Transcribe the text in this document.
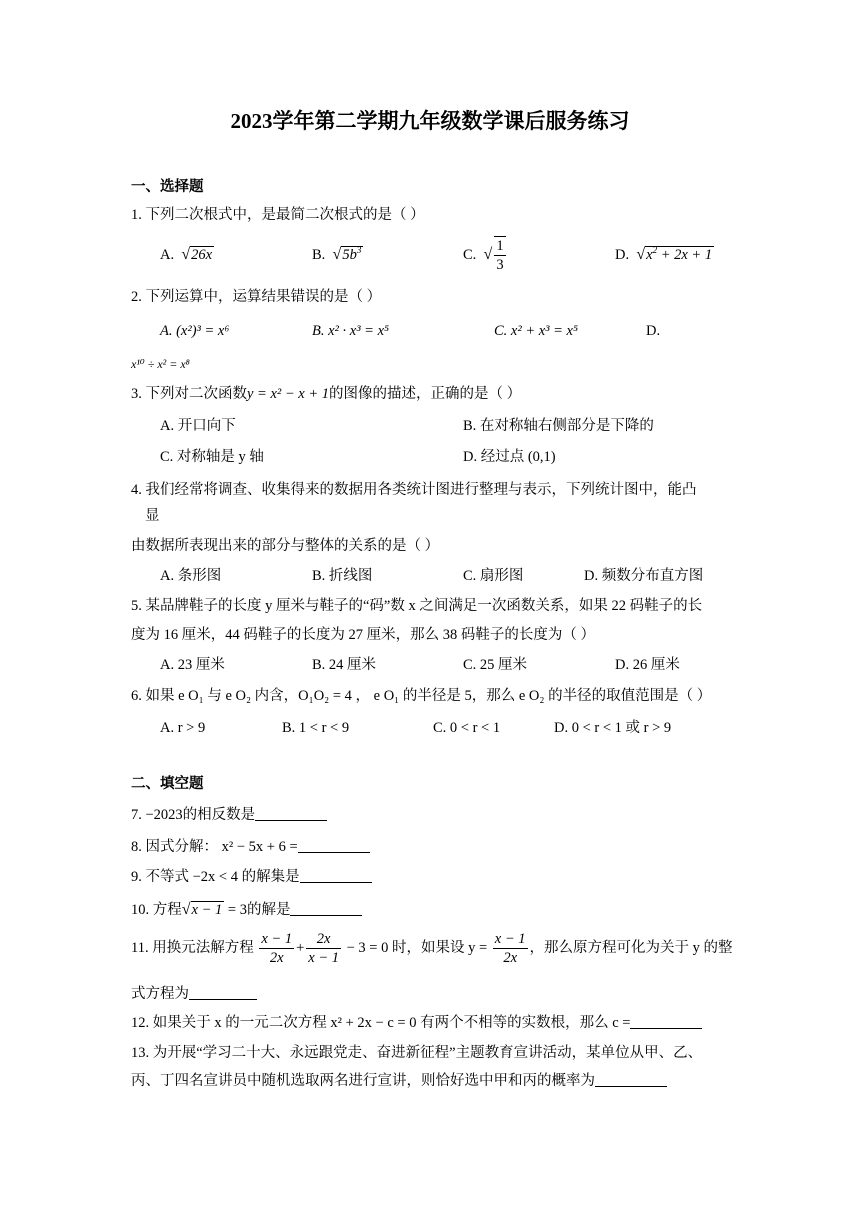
2023学年第二学期九年级数学课后服务练习
一、选择题
1. 下列二次根式中，是最简二次根式的是（ ）
A. √26x	B. $√5b^3$	C. √ $\frac{1}{3}$	D. $√x^2 + 2x + 1$
2. 下列运算中，运算结果错误的是（ ）
A. (x²)³ = x⁶	B. x² · x³ = x⁵	C. x² + x³ = x⁵	D.
x¹⁰ ÷ x² = x⁸
3. 下列对二次函数y = x² − x + 1的图像的描述，正确的是（ ）
A. 开口向下	B. 在对称轴右侧部分是下降的
C. 对称轴是 y 轴	D. 经过点 (0,1)
4. 我们经常将调查、收集得来的数据用各类统计图进行整理与表示，下列统计图中，能凸
显
由数据所表现出来的部分与整体的关系的是（ ）
A. 条形图	B. 折线图	C. 扇形图	D. 频数分布直方图
5. 某品牌鞋子的长度 y 厘米与鞋子的“码”数 x 之间满足一次函数关系，如果 22 码鞋子的长
度为 16 厘米，44 码鞋子的长度为 27 厘米，那么 38 码鞋子的长度为（ ）
A. 23 厘米	B. 24 厘米	C. 25 厘米	D. 26 厘米
6. 如果 e O₁ 与 e O₂ 内含，O₁O₂ = 4 ， e O₁ 的半径是 5，那么 e O₂ 的半径的取值范围是（ ）
A. r > 9	B. 1 < r < 9	C. 0 < r < 1	D. 0 < r < 1 或 r > 9
二、填空题
7. −2023的相反数是
8. 因式分解： x² − 5x + 6 =
9. 不等式 −2x < 4 的解集是
10. 方程√x − 1 = 3的解是
11. 用换元法解方程 $\frac{x - 1}{2x} + \frac{2x}{x - 1} - 3 = 0$ 时，如果设 $y = \frac{x - 1}{2x}$ ，那么原方程可化为关于 y 的整
式方程为
12. 如果关于 x 的一元二次方程 x² + 2x − c = 0 有两个不相等的实数根，那么 c =
13. 为开展“学习二十大、永远跟党走、奋进新征程”主题教育宣讲活动，某单位从甲、乙、
丙、丁四名宣讲员中随机选取两名进行宣讲，则恰好选中甲和丙的概率为
